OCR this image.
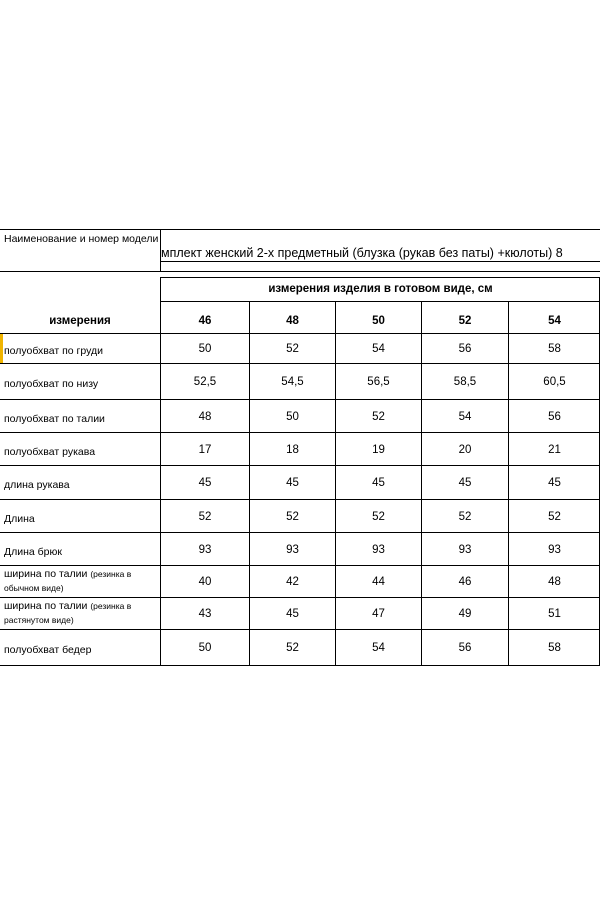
Наименование и номер модели
мплект женский 2-х предметный (блузка (рукав без паты) +кюлоты) 8
измерения изделия в готовом виде, см
измерения	46	48	50	52	54
полуобхват по груди	50	52	54	56	58
полуобхват по низу	52,5	54,5	56,5	58,5	60,5
полуобхват по талии	48	50	52	54	56
полуобхват рукава	17	18	19	20	21
длина рукава	45	45	45	45	45
Длина	52	52	52	52	52
Длина брюк	93	93	93	93	93
ширина по талии (резинка в обычном виде)	40	42	44	46	48
ширина по талии (резинка в растянутом виде)	43	45	47	49	51
полуобхват бедер	50	52	54	56	58
